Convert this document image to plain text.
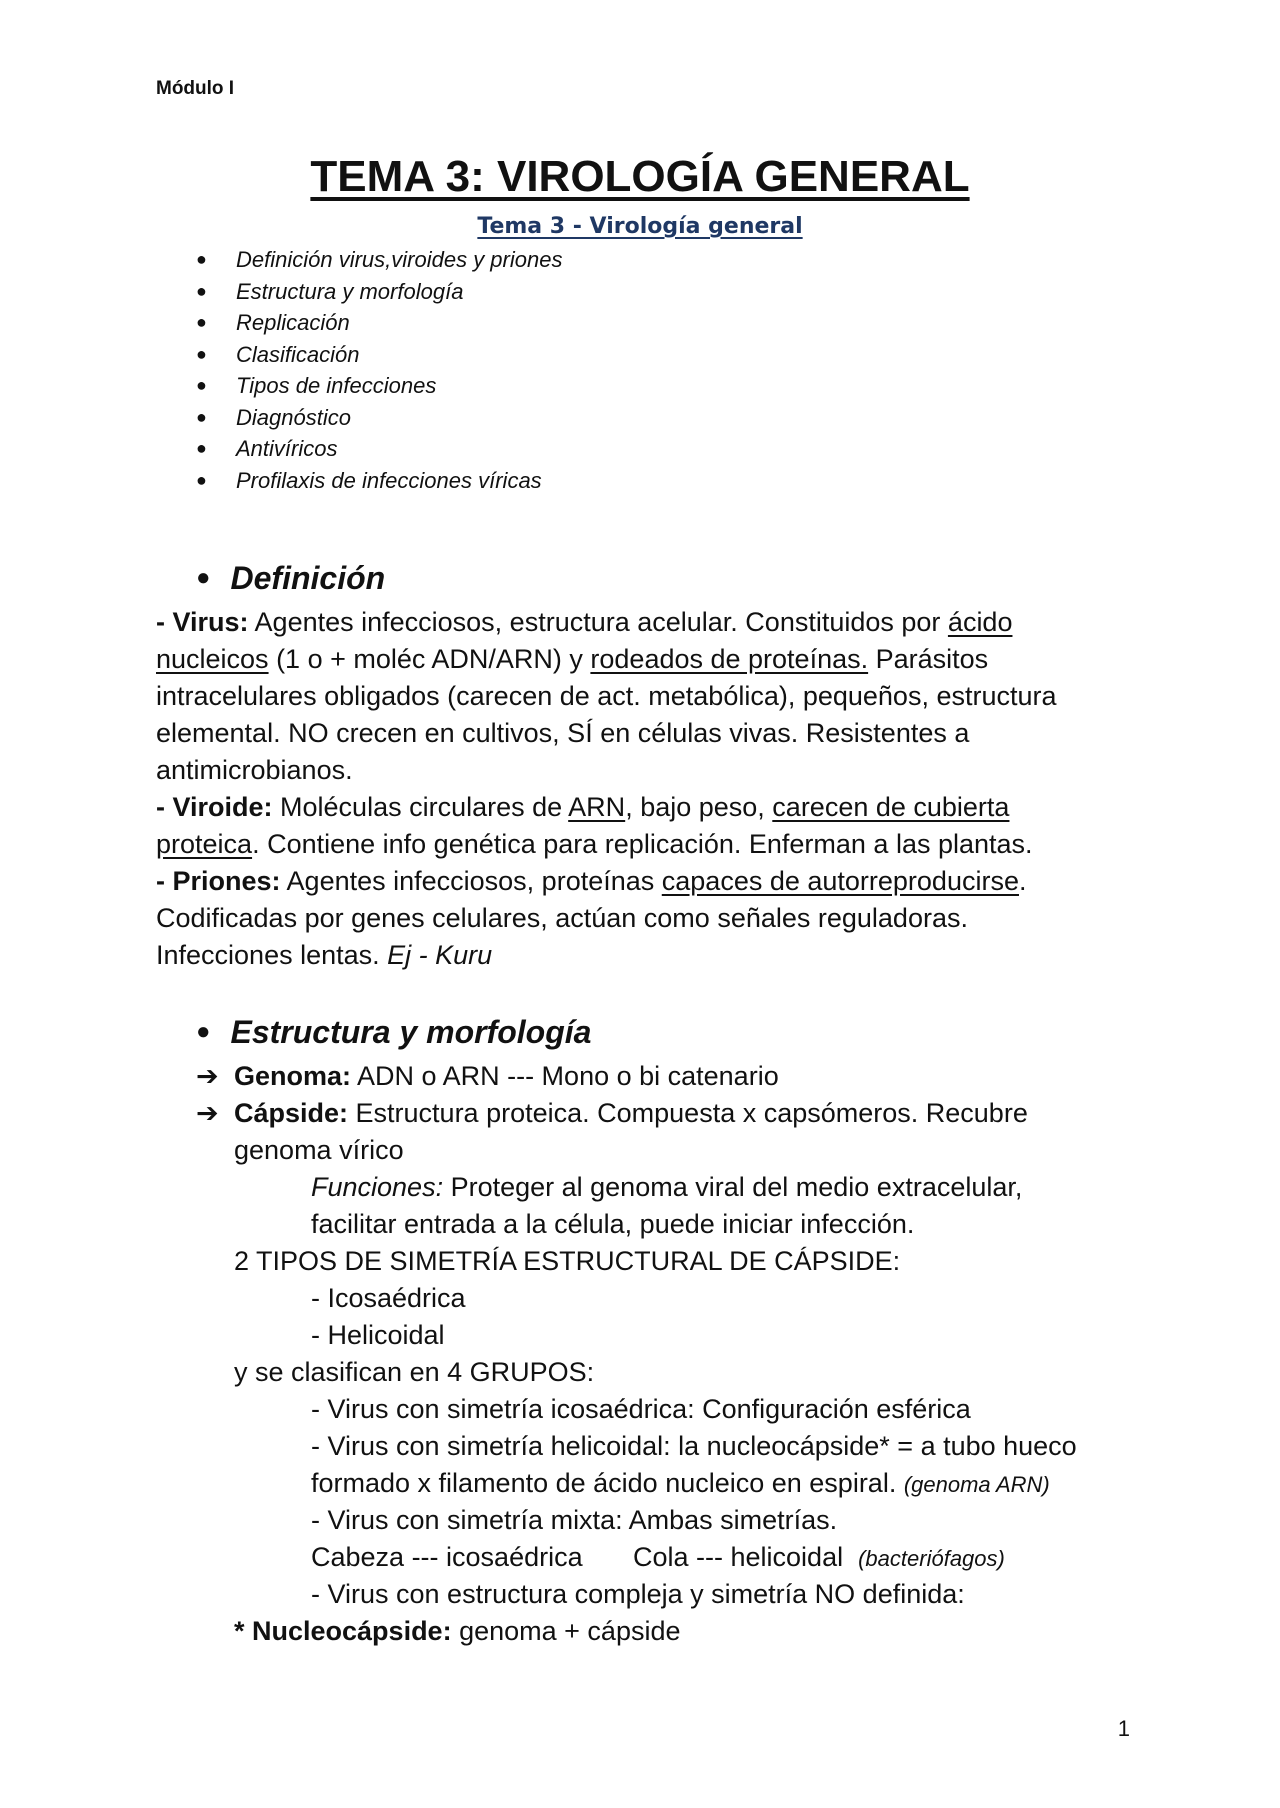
Módulo I
TEMA 3: VIROLOGÍA GENERAL
Tema 3 - Virología general
● Definición virus,viroides y priones
● Estructura y morfología
● Replicación
● Clasificación
● Tipos de infecciones
● Diagnóstico
● Antivíricos
● Profilaxis de infecciones víricas
● Definición
- Virus: Agentes infecciosos, estructura acelular. Constituidos por ácido nucleicos (1 o + moléc ADN/ARN) y rodeados de proteínas. Parásitos intracelulares obligados (carecen de act. metabólica), pequeños, estructura elemental. NO crecen en cultivos, SÍ en células vivas. Resistentes a antimicrobianos.
- Viroide: Moléculas circulares de ARN, bajo peso, carecen de cubierta proteica. Contiene info genética para replicación. Enferman a las plantas.
- Priones: Agentes infecciosos, proteínas capaces de autorreproducirse. Codificadas por genes celulares, actúan como señales reguladoras. Infecciones lentas. Ej - Kuru
● Estructura y morfología
➔ Genoma: ADN o ARN --- Mono o bi catenario
➔ Cápside: Estructura proteica. Compuesta x capsómeros. Recubre
genoma vírico
Funciones: Proteger al genoma viral del medio extracelular,
facilitar entrada a la célula, puede iniciar infección.
2 TIPOS DE SIMETRÍA ESTRUCTURAL DE CÁPSIDE:
- Icosaédrica
- Helicoidal
y se clasifican en 4 GRUPOS:
- Virus con simetría icosaédrica: Configuración esférica
- Virus con simetría helicoidal: la nucleocápside* = a tubo hueco
formado x filamento de ácido nucleico en espiral. (genoma ARN)
- Virus con simetría mixta: Ambas simetrías.
Cabeza --- icosaédrica Cola --- helicoidal (bacteriófagos)
- Virus con estructura compleja y simetría NO definida:
* Nucleocápside: genoma + cápside
1
